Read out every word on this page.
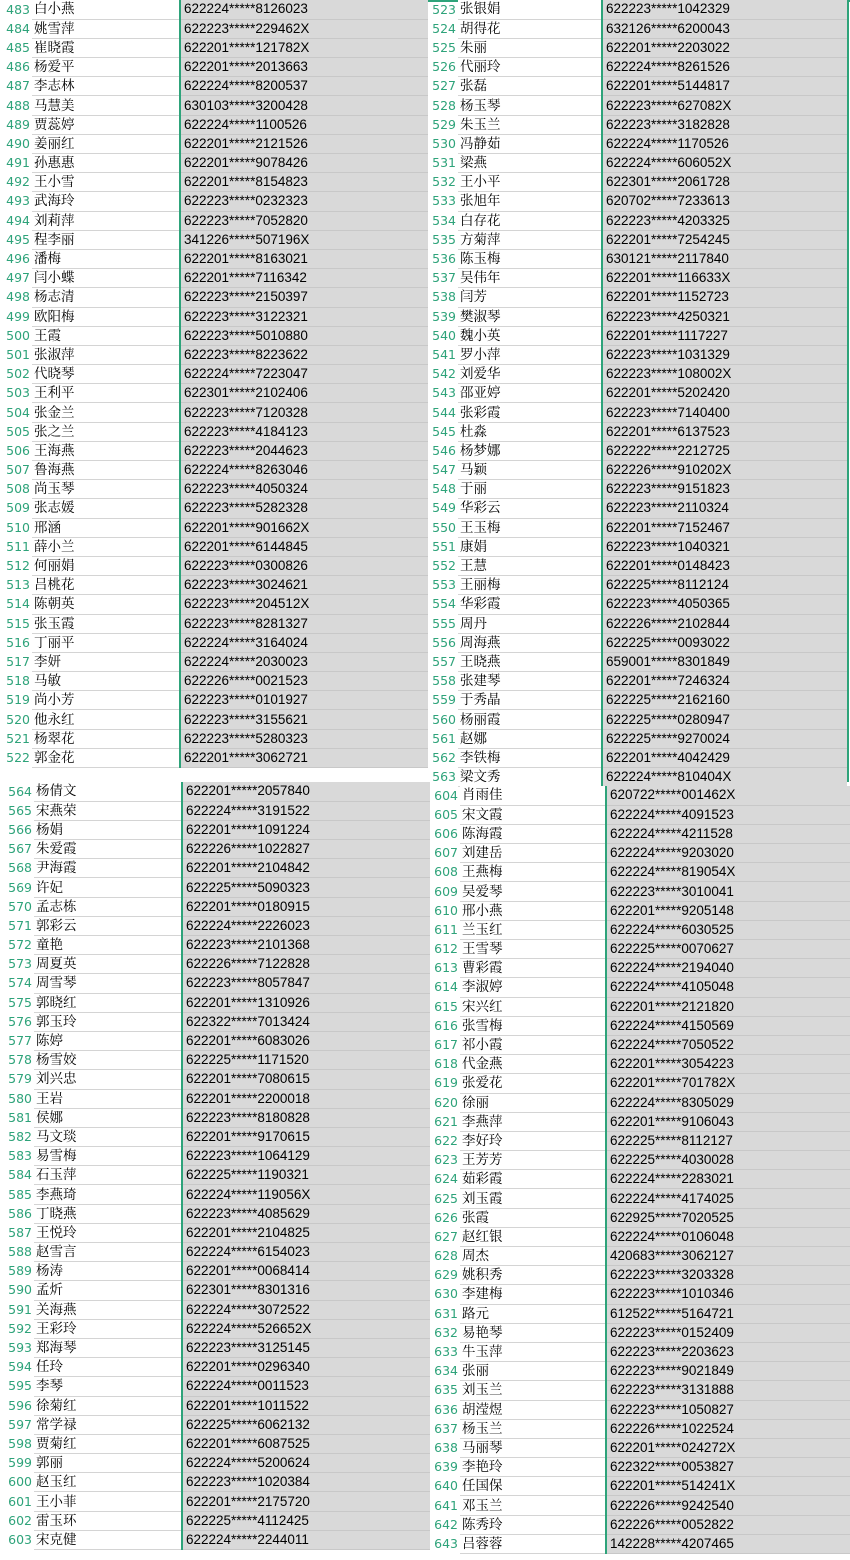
483	白小燕	622224*****8126023
484	姚雪萍	622223*****229462X
485	崔晓霞	622201*****121782X
486	杨爱平	622201*****2013663
487	李志林	622224*****8200537
488	马慧美	630103*****3200428
489	贾蕊婷	622224*****1100526
490	姜丽红	622201*****2121526
491	孙惠惠	622201*****9078426
492	王小雪	622201*****8154823
493	武海玲	622223*****0232323
494	刘莉萍	622223*****7052820
495	程李丽	341226*****507196X
496	潘梅	622201*****8163021
497	闫小蝶	622201*****7116342
498	杨志清	622223*****2150397
499	欧阳梅	622223*****3122321
500	王霞	622223*****5010880
501	张淑萍	622223*****8223622
502	代晓琴	622224*****7223047
503	王利平	622301*****2102406
504	张金兰	622223*****7120328
505	张之兰	622223*****4184123
506	王海燕	622223*****2044623
507	鲁海燕	622224*****8263046
508	尚玉琴	622223*****4050324
509	张志媛	622223*****5282328
510	邢涵	622201*****901662X
511	薛小兰	622201*****6144845
512	何丽娟	622223*****0300826
513	吕桃花	622223*****3024621
514	陈朝英	622223*****204512X
515	张玉霞	622223*****8281327
516	丁丽平	622224*****3164024
517	李妍	622224*****2030023
518	马敏	622226*****0021523
519	尚小芳	622223*****0101927
520	他永红	622223*****3155621
521	杨翠花	622223*****5280323
522	郭金花	622201*****3062721
523	张银娟	622223*****1042329
524	胡得花	632126*****6200043
525	朱丽	622201*****2203022
526	代丽玲	622224*****8261526
527	张磊	622201*****5144817
528	杨玉琴	622223*****627082X
529	朱玉兰	622223*****3182828
530	冯静茹	622224*****1170526
531	梁燕	622224*****606052X
532	王小平	622301*****2061728
533	张旭年	620702*****7233613
534	白存花	622223*****4203325
535	方菊萍	622201*****7254245
536	陈玉梅	630121*****2117840
537	吴伟年	622201*****116633X
538	闫芳	622201*****1152723
539	樊淑琴	622223*****4250321
540	魏小英	622201*****1117227
541	罗小萍	622223*****1031329
542	刘爱华	622223*****108002X
543	邵亚婷	622201*****5202420
544	张彩霞	622223*****7140400
545	杜淼	622201*****6137523
546	杨梦娜	622222*****2212725
547	马颖	622226*****910202X
548	于丽	622223*****9151823
549	华彩云	622223*****2110324
550	王玉梅	622201*****7152467
551	康娟	622223*****1040321
552	王慧	622201*****0148423
553	王丽梅	622225*****8112124
554	华彩霞	622223*****4050365
555	周丹	622226*****2102844
556	周海燕	622225*****0093022
557	王晓燕	659001*****8301849
558	张建琴	622201*****7246324
559	于秀晶	622225*****2162160
560	杨丽霞	622225*****0280947
561	赵娜	622225*****9270024
562	李铁梅	622201*****4042429
563	梁文秀	622224*****810404X
564	杨倩文	622201*****2057840
565	宋燕荣	622224*****3191522
566	杨娟	622201*****1091224
567	朱爱霞	622226*****1022827
568	尹海霞	622201*****2104842
569	许妃	622225*****5090323
570	孟志栋	622201*****0180915
571	郭彩云	622224*****2226023
572	童艳	622223*****2101368
573	周夏英	622226*****7122828
574	周雪琴	622223*****8057847
575	郭晓红	622201*****1310926
576	郭玉玲	622322*****7013424
577	陈婷	622201*****6083026
578	杨雪姣	622225*****1171520
579	刘兴忠	622201*****7080615
580	王岩	622201*****2200018
581	侯娜	622223*****8180828
582	马文琰	622201*****9170615
583	易雪梅	622223*****1064129
584	石玉萍	622225*****1190321
585	李燕琦	622224*****119056X
586	丁晓燕	622223*****4085629
587	王悦玲	622201*****2104825
588	赵雪言	622224*****6154023
589	杨涛	622201*****0068414
590	孟炘	622301*****8301316
591	关海燕	622224*****3072522
592	王彩玲	622224*****526652X
593	郑海琴	622223*****3125145
594	任玲	622201*****0296340
595	李琴	622224*****0011523
596	徐菊红	622201*****1011522
597	常学禄	622225*****6062132
598	贾菊红	622201*****6087525
599	郭丽	622224*****5200624
600	赵玉红	622223*****1020384
601	王小菲	622201*****2175720
602	雷玉环	622225*****4112425
603	宋克健	622224*****2244011
604	肖雨佳	620722*****001462X
605	宋文霞	622224*****4091523
606	陈海霞	622224*****4211528
607	刘建岳	622224*****9203020
608	王燕梅	622224*****819054X
609	吴爱琴	622223*****3010041
610	邢小燕	622201*****9205148
611	兰玉红	622224*****6030525
612	王雪琴	622225*****0070627
613	曹彩霞	622224*****2194040
614	李淑婷	622224*****4105048
615	宋兴红	622201*****2121820
616	张雪梅	622224*****4150569
617	祁小霞	622224*****7050522
618	代金燕	622201*****3054223
619	张爱花	622201*****701782X
620	徐丽	622224*****8305029
621	李燕萍	622201*****9106043
622	李好玲	622225*****8112127
623	王芳芳	622225*****4030028
624	茹彩霞	622224*****2283021
625	刘玉霞	622224*****4174025
626	张霞	622925*****7020525
627	赵红银	622224*****0106048
628	周杰	420683*****3062127
629	姚积秀	622223*****3203328
630	李建梅	622223*****1010346
631	路元	612522*****5164721
632	易艳琴	622223*****0152409
633	牛玉萍	622223*****2203623
634	张丽	622223*****9021849
635	刘玉兰	622223*****3131888
636	胡滢煜	622223*****1050827
637	杨玉兰	622226*****1022524
638	马丽琴	622201*****024272X
639	李艳玲	622322*****0053827
640	任国保	622201*****514241X
641	邓玉兰	622226*****9242540
642	陈秀玲	622226*****0052822
643	吕蓉蓉	142228*****4207465
